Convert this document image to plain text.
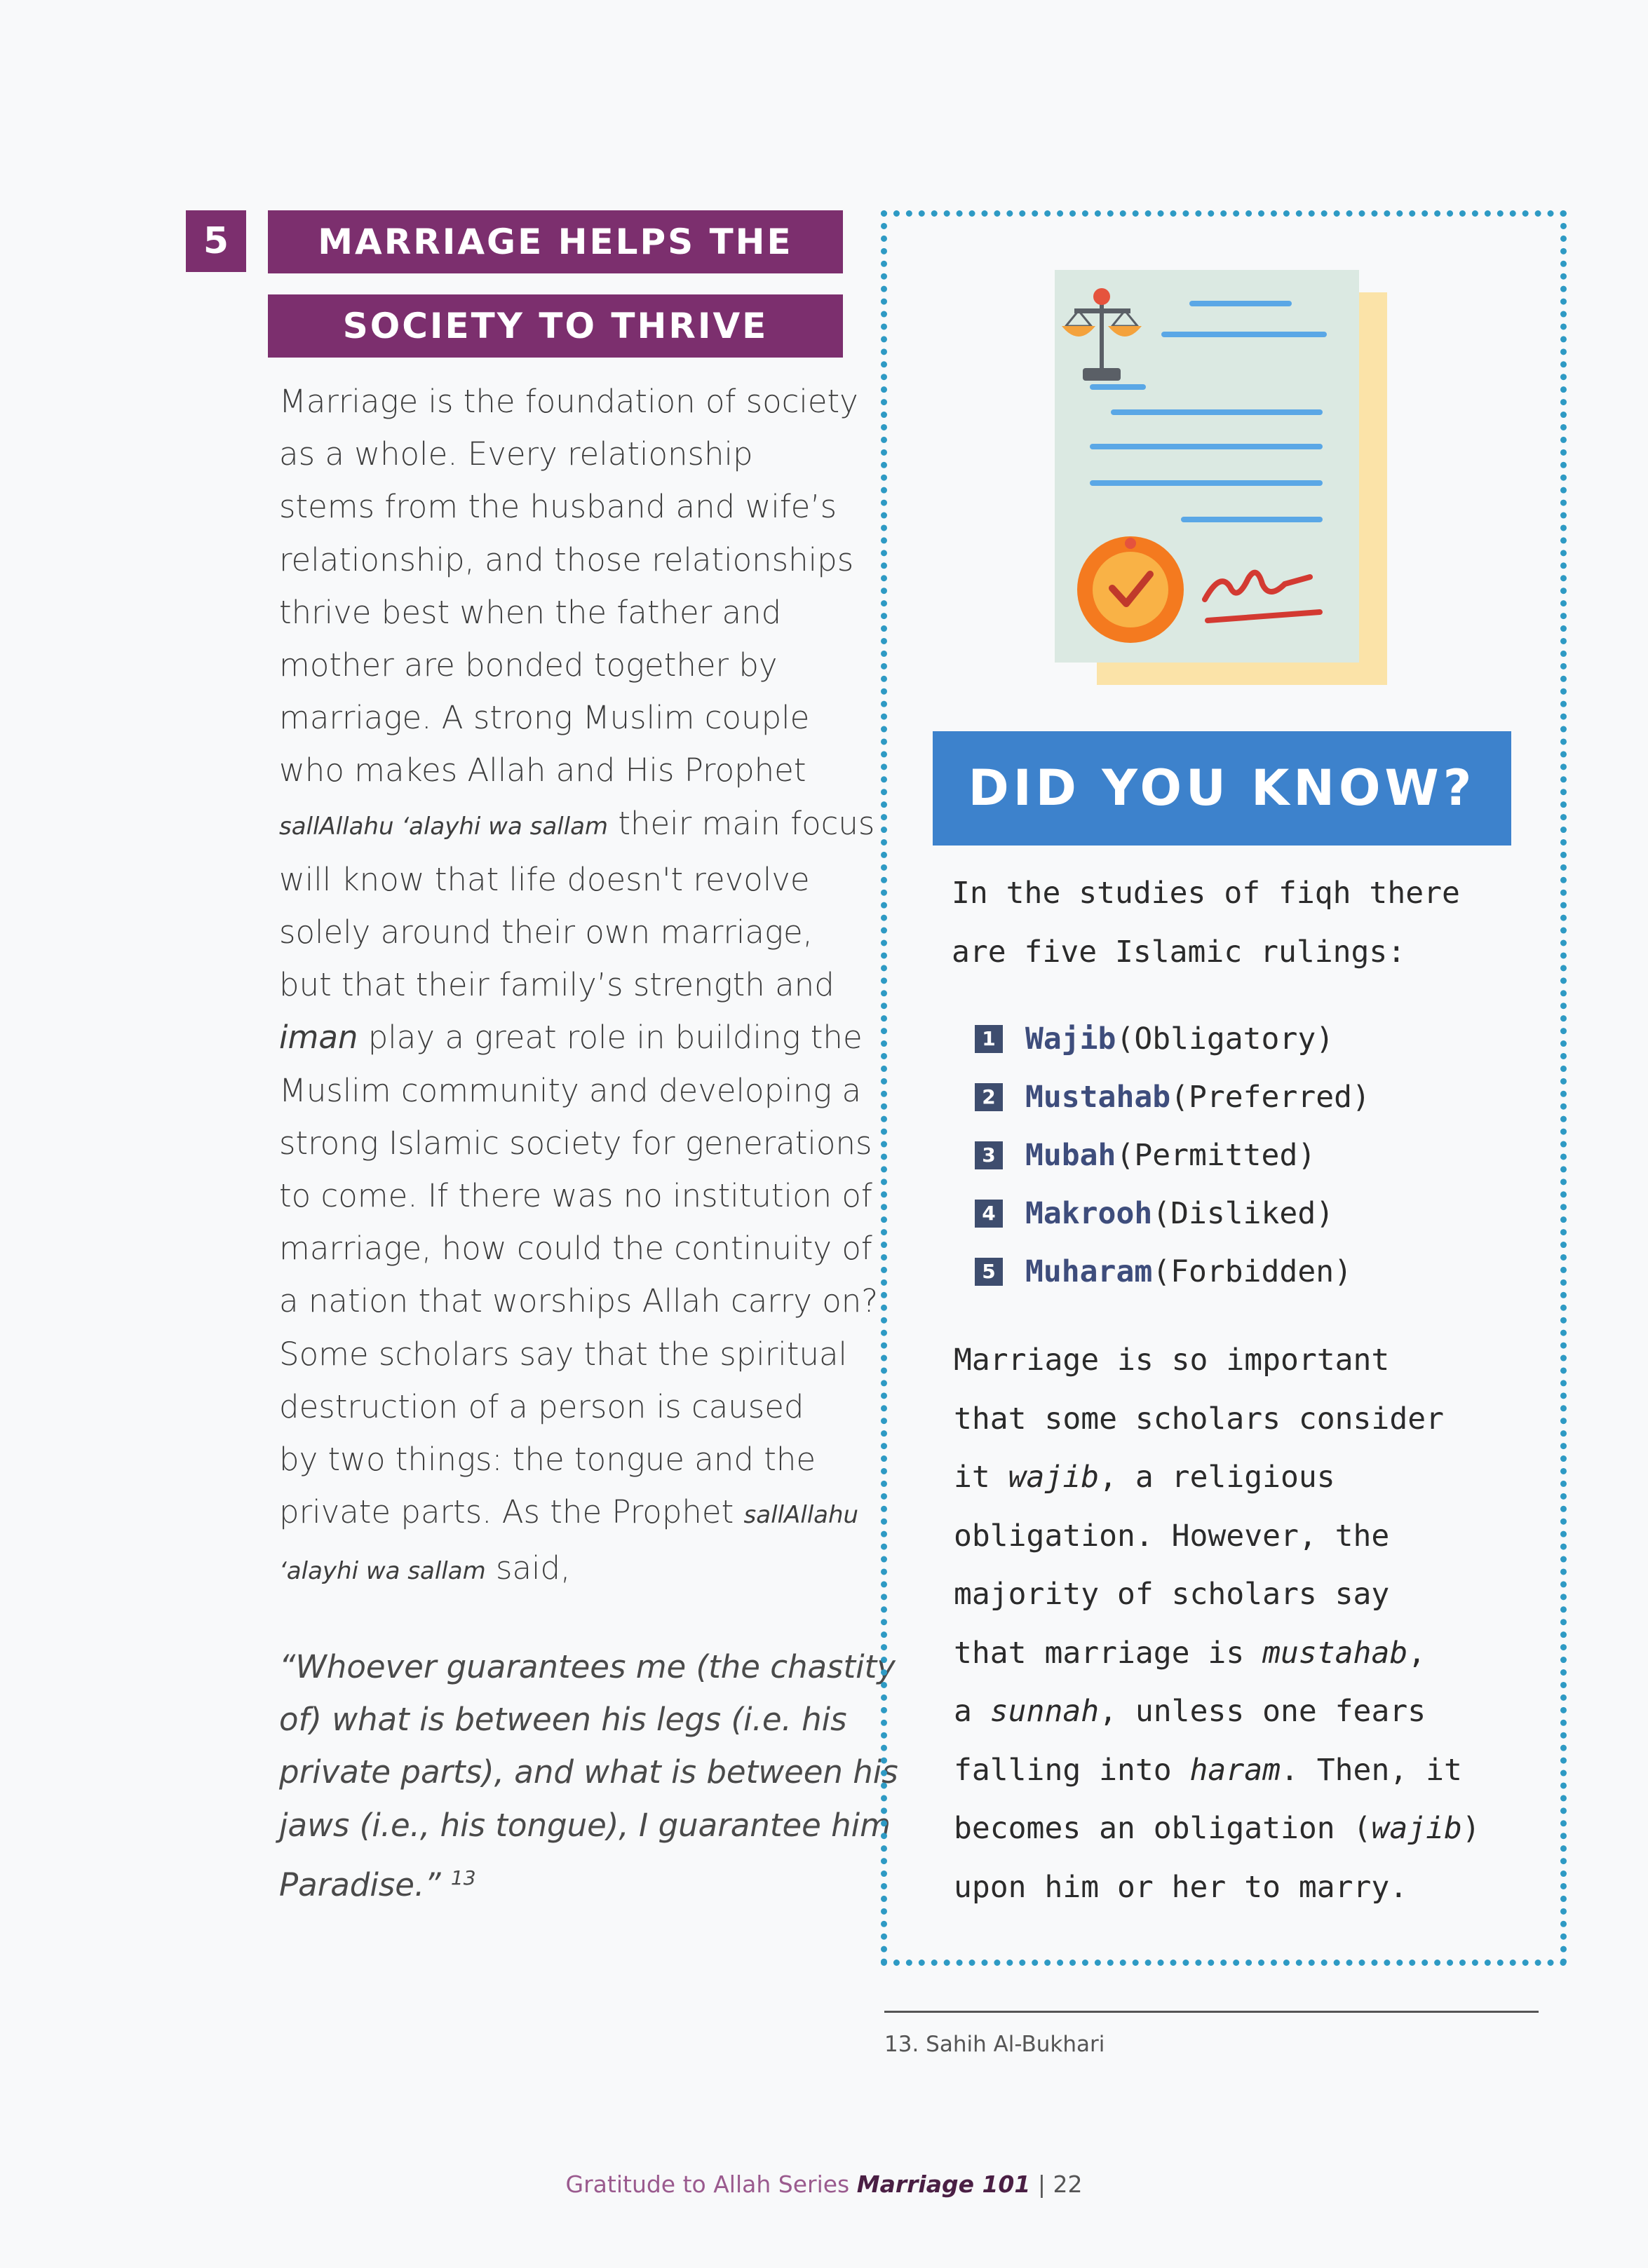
5	MARRIAGE HELPS THE
SOCIETY TO THRIVE
Marriage is the foundation of society
as a whole. Every relationship
stems from the husband and wife’s
relationship, and those relationships
thrive best when the father and
mother are bonded together by
marriage. A strong Muslim couple
who makes Allah and His Prophet
sallAllahu ‘alayhi wa sallam their main focus
will know that life doesn't revolve
solely around their own marriage,
but that their family’s strength and
iman play a great role in building the
Muslim community and developing a
strong Islamic society for generations
to come. If there was no institution of
marriage, how could the continuity of
a nation that worships Allah carry on?
Some scholars say that the spiritual
destruction of a person is caused
by two things: the tongue and the
private parts. As the Prophet sallAllahu
‘alayhi wa sallam said,
“Whoever guarantees me (the chastity
of) what is between his legs (i.e. his
private parts), and what is between his
jaws (i.e., his tongue), I guarantee him
Paradise.” $^{13}$
DID YOU KNOW?
In the studies of fiqh there
are five Islamic rulings:
1 Wajib (Obligatory)
2 Mustahab (Preferred)
3 Mubah (Permitted)
4 Makrooh (Disliked)
5 Muharam (Forbidden)
Marriage is so important
that some scholars consider
it wajib, a religious
obligation. However, the
majority of scholars say
that marriage is mustahab,
a sunnah, unless one fears
falling into haram. Then, it
becomes an obligation (wajib)
upon him or her to marry.
13. Sahih Al-Bukhari
Gratitude to Allah Series Marriage 101 | 22
